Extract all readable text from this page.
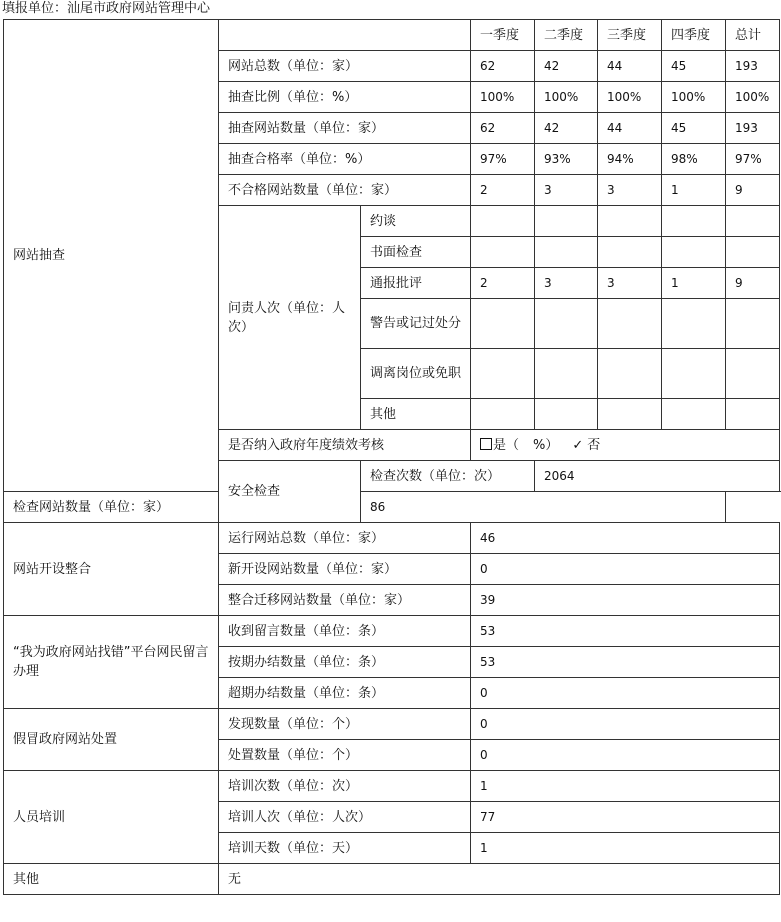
填报单位：汕尾市政府网站管理中心
网站抽查			一季度	二季度	三季度	四季度	总计
	网站总数（单位：家）		62	42	44	45	193
	抽查比例（单位：%）		100%	100%	100%	100%	100%
	抽查网站数量（单位：家）		62	42	44	45	193
	抽查合格率（单位：%）		97%	93%	94%	98%	97%
	不合格网站数量（单位：家）		2	3	3	1	9
	问责人次（单位：人次）	约谈					
		书面检查					
		通报批评	2	3	3	1	9
		警告或记过处分					
		调离岗位或免职					
		其他					
	是否纳入政府年度绩效考核		是（ %） ✓ 否				
	安全检查	检查次数（单位：次）		2064			
检查网站数量（单位：家）		86					
网站开设整合	运行网站总数（单位：家）		46				
	新开设网站数量（单位：家）		0				
	整合迁移网站数量（单位：家）		39				
“我为政府网站找错”平台网民留言办理	收到留言数量（单位：条）		53				
	按期办结数量（单位：条）		53				
	超期办结数量（单位：条）		0				
假冒政府网站处置	发现数量（单位：个）		0				
	处置数量（单位：个）		0				
人员培训	培训次数（单位：次）		1				
	培训人次（单位：人次）		77				
	培训天数（单位：天）		1				
其他	无						
